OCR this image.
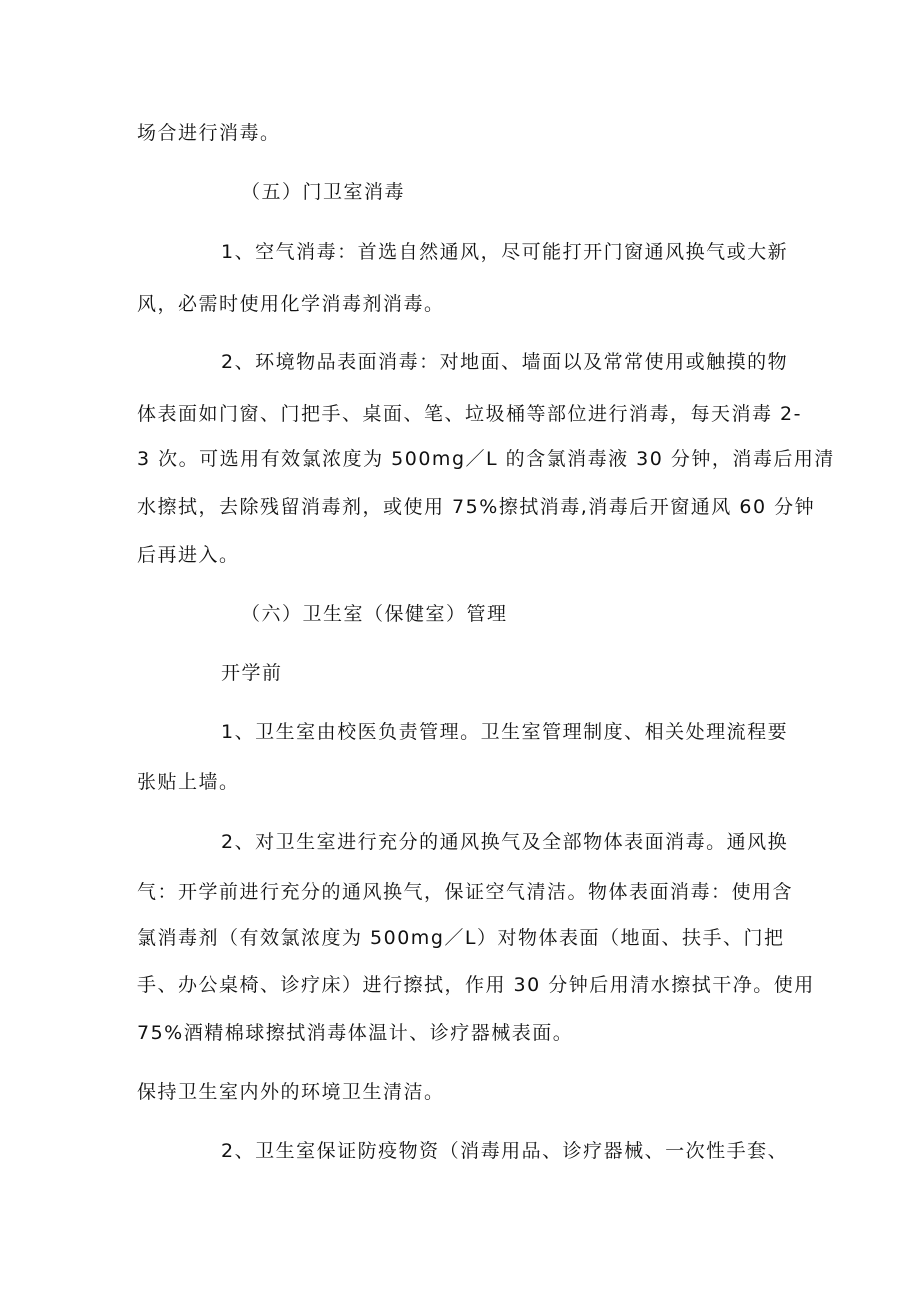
场合进行消毒。
（五）门卫室消毒
1、空气消毒：首选自然通风，尽可能打开门窗通风换气或大新
风，必需时使用化学消毒剂消毒。
2、环境物品表面消毒：对地面、墙面以及常常使用或触摸的物
体表面如门窗、门把手、桌面、笔、垃圾桶等部位进行消毒，每天消毒 2-
3 次。可选用有效氯浓度为 500mg／L 的含氯消毒液 30 分钟，消毒后用清
水擦拭，去除残留消毒剂，或使用 75%擦拭消毒,消毒后开窗通风 60 分钟
后再进入。
（六）卫生室（保健室）管理
开学前
1、卫生室由校医负责管理。卫生室管理制度、相关处理流程要
张贴上墙。
2、对卫生室进行充分的通风换气及全部物体表面消毒。通风换
气：开学前进行充分的通风换气，保证空气清洁。物体表面消毒：使用含
氯消毒剂（有效氯浓度为 500mg／L）对物体表面（地面、扶手、门把
手、办公桌椅、诊疗床）进行擦拭，作用 30 分钟后用清水擦拭干净。使用
75%酒精棉球擦拭消毒体温计、诊疗器械表面。
保持卫生室内外的环境卫生清洁。
2、卫生室保证防疫物资（消毒用品、诊疗器械、一次性手套、
